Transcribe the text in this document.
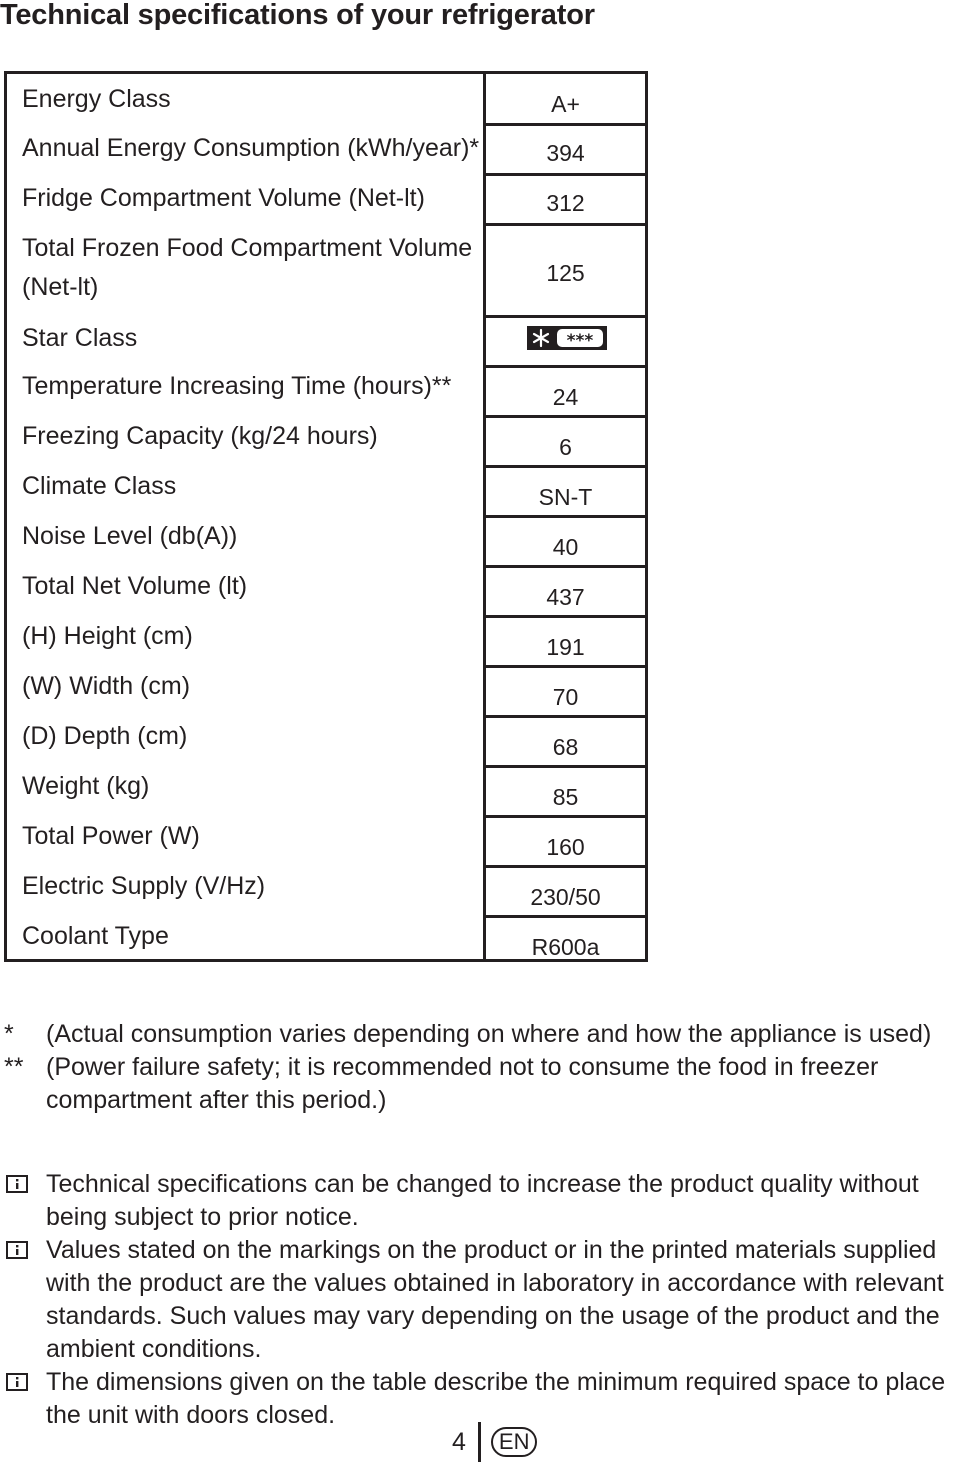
Technical specifications of your refrigerator
Energy Class	A+
Annual Energy Consumption (kWh/year)*	394
Fridge Compartment Volume (Net-lt)	312
Total Frozen Food Compartment Volume (Net-lt)	125
Star Class	***
Temperature Increasing Time (hours)**	24
Freezing Capacity (kg/24 hours)	6
Climate Class	SN-T
Noise Level (db(A))	40
Total Net Volume (lt)	437
(H) Height (cm)	191
(W) Width (cm)	70
(D) Depth (cm)	68
Weight (kg)	85
Total Power (W)	160
Electric Supply (V/Hz)	230/50
Coolant Type	R600a
* (Actual consumption varies depending on where and how the appliance is used)
** (Power failure safety; it is recommended not to consume the food in freezer compartment after this period.)
Technical specifications can be changed to increase the product quality without being subject to prior notice.
Values stated on the markings on the product or in the printed materials supplied with the product are the values obtained in laboratory in accordance with relevant standards. Such values may vary depending on the usage of the product and the ambient conditions.
The dimensions given on the table describe the minimum required space to place the unit with doors closed.
4	EN
